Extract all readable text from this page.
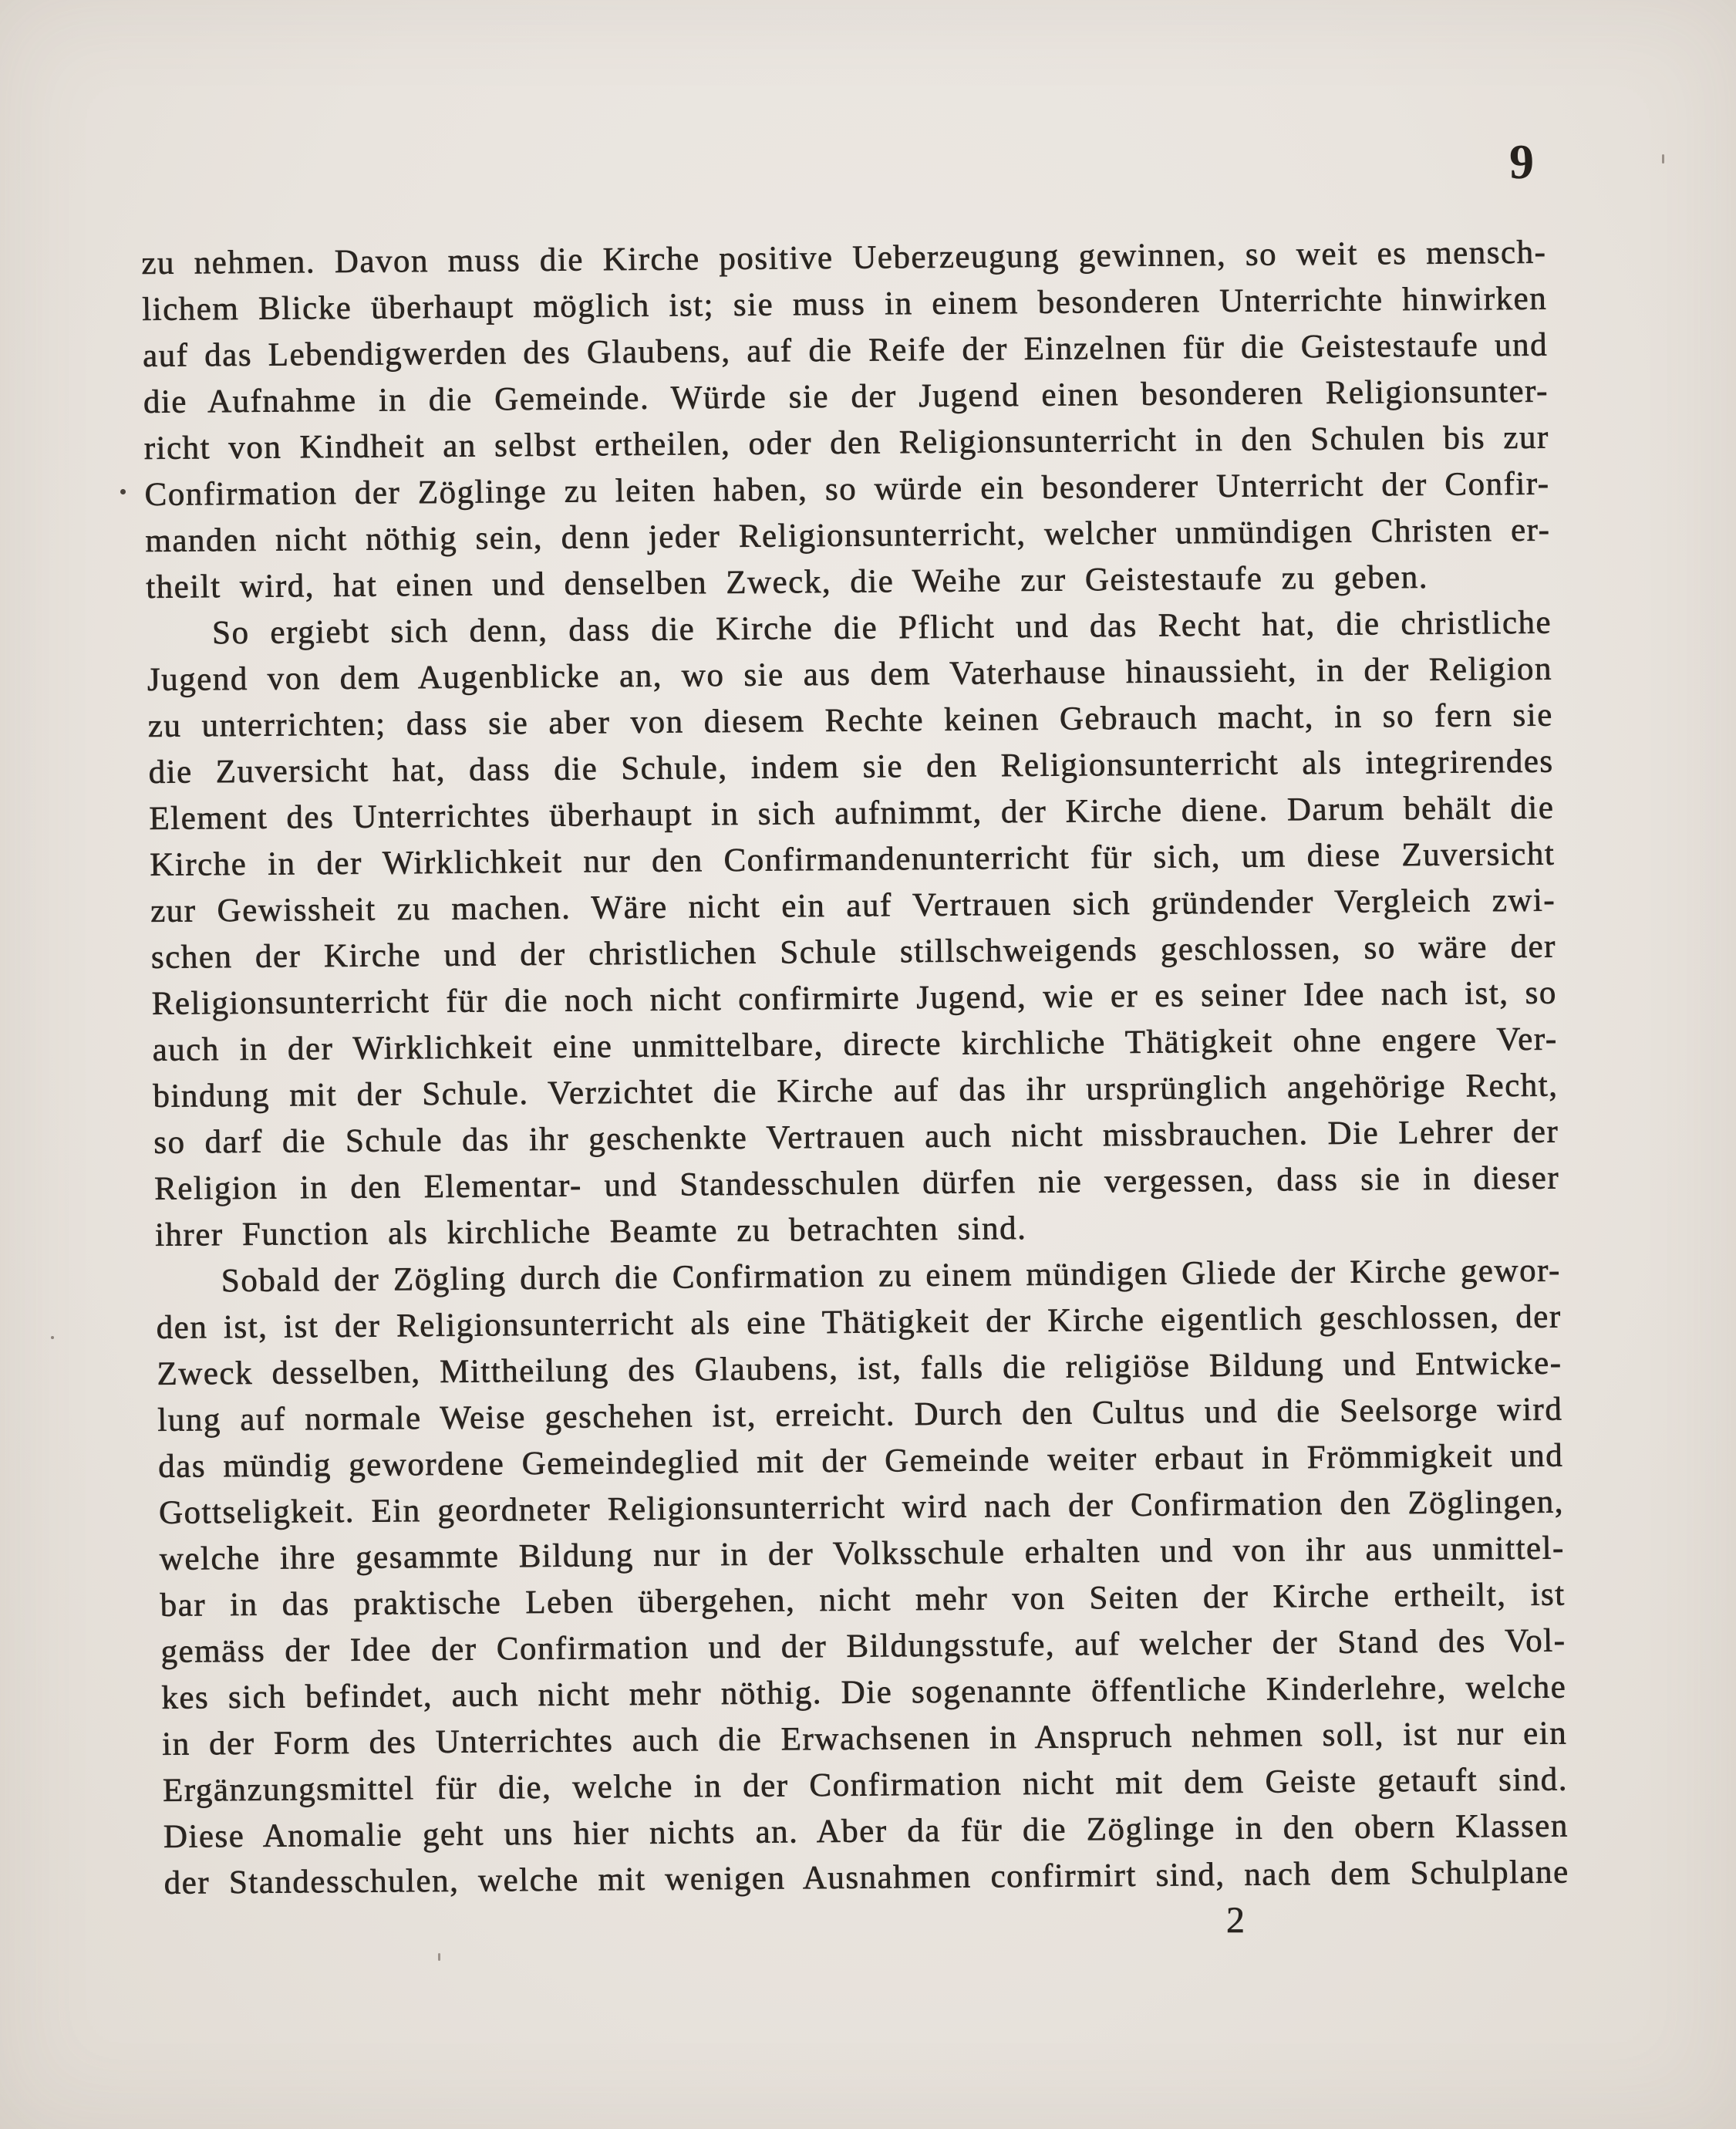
9
zu nehmen. Davon muss die Kirche positive Ueberzeugung gewinnen, so weit es mensch-
lichem Blicke überhaupt möglich ist; sie muss in einem besonderen Unterrichte hinwirken
auf das Lebendigwerden des Glaubens, auf die Reife der Einzelnen für die Geistestaufe und
die Aufnahme in die Gemeinde. Würde sie der Jugend einen besonderen Religionsunter-
richt von Kindheit an selbst ertheilen, oder den Religionsunterricht in den Schulen bis zur
Confirmation der Zöglinge zu leiten haben, so würde ein besonderer Unterricht der Confir-
manden nicht nöthig sein, denn jeder Religionsunterricht, welcher unmündigen Christen er-
theilt wird, hat einen und denselben Zweck, die Weihe zur Geistestaufe zu geben.
So ergiebt sich denn, dass die Kirche die Pflicht und das Recht hat, die christliche
Jugend von dem Augenblicke an, wo sie aus dem Vaterhause hinaussieht, in der Religion
zu unterrichten; dass sie aber von diesem Rechte keinen Gebrauch macht, in so fern sie
die Zuversicht hat, dass die Schule, indem sie den Religionsunterricht als integrirendes
Element des Unterrichtes überhaupt in sich aufnimmt, der Kirche diene. Darum behält die
Kirche in der Wirklichkeit nur den Confirmandenunterricht für sich, um diese Zuversicht
zur Gewissheit zu machen. Wäre nicht ein auf Vertrauen sich gründender Vergleich zwi-
schen der Kirche und der christlichen Schule stillschweigends geschlossen, so wäre der
Religionsunterricht für die noch nicht confirmirte Jugend, wie er es seiner Idee nach ist, so
auch in der Wirklichkeit eine unmittelbare, directe kirchliche Thätigkeit ohne engere Ver-
bindung mit der Schule. Verzichtet die Kirche auf das ihr ursprünglich angehörige Recht,
so darf die Schule das ihr geschenkte Vertrauen auch nicht missbrauchen. Die Lehrer der
Religion in den Elementar- und Standesschulen dürfen nie vergessen, dass sie in dieser
ihrer Function als kirchliche Beamte zu betrachten sind.
Sobald der Zögling durch die Confirmation zu einem mündigen Gliede der Kirche gewor-
den ist, ist der Religionsunterricht als eine Thätigkeit der Kirche eigentlich geschlossen, der
Zweck desselben, Mittheilung des Glaubens, ist, falls die religiöse Bildung und Entwicke-
lung auf normale Weise geschehen ist, erreicht. Durch den Cultus und die Seelsorge wird
das mündig gewordene Gemeindeglied mit der Gemeinde weiter erbaut in Frömmigkeit und
Gottseligkeit. Ein geordneter Religionsunterricht wird nach der Confirmation den Zöglingen,
welche ihre gesammte Bildung nur in der Volksschule erhalten und von ihr aus unmittel-
bar in das praktische Leben übergehen, nicht mehr von Seiten der Kirche ertheilt, ist
gemäss der Idee der Confirmation und der Bildungsstufe, auf welcher der Stand des Vol-
kes sich befindet, auch nicht mehr nöthig. Die sogenannte öffentliche Kinderlehre, welche
in der Form des Unterrichtes auch die Erwachsenen in Anspruch nehmen soll, ist nur ein
Ergänzungsmittel für die, welche in der Confirmation nicht mit dem Geiste getauft sind.
Diese Anomalie geht uns hier nichts an. Aber da für die Zöglinge in den obern Klassen
der Standesschulen, welche mit wenigen Ausnahmen confirmirt sind, nach dem Schulplane
2
